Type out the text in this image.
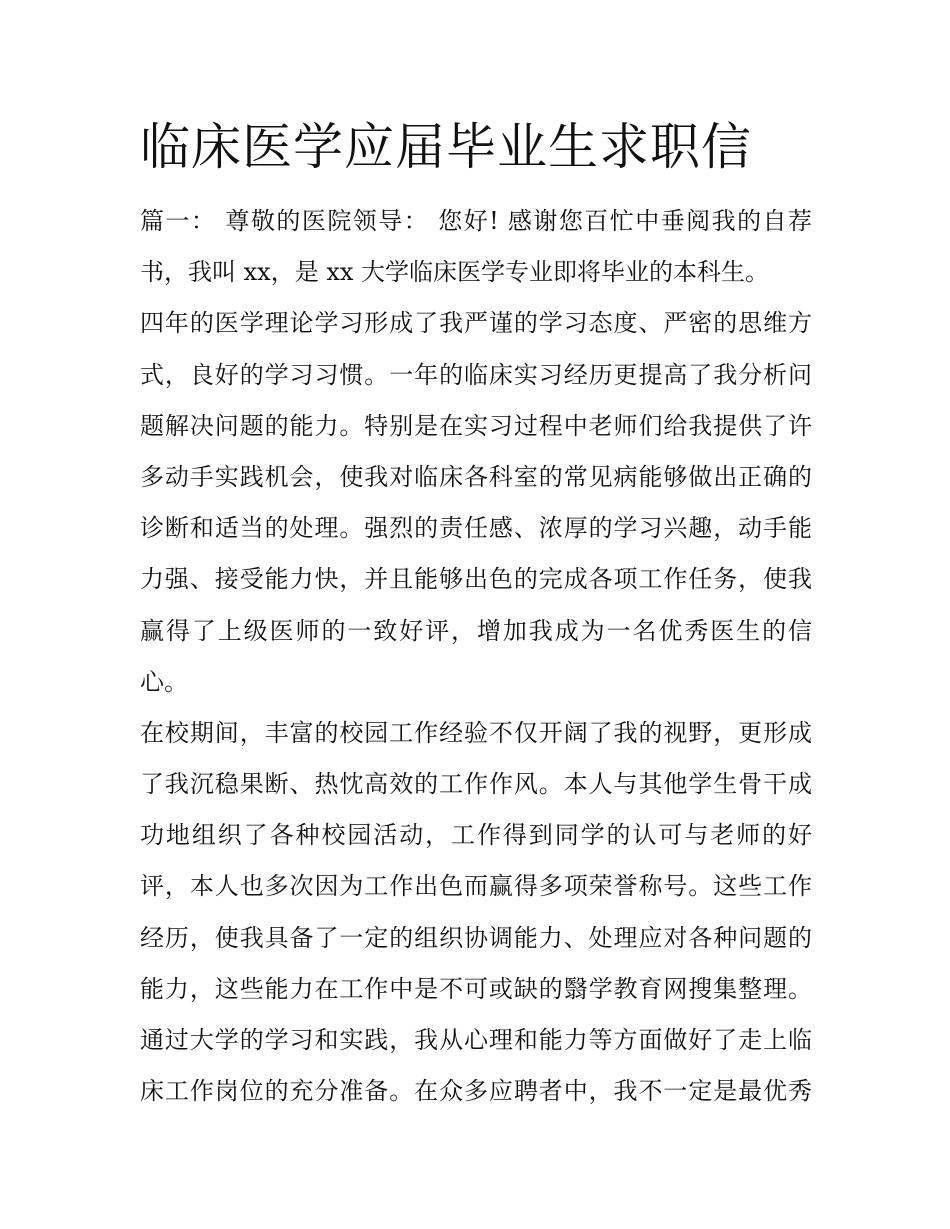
临床医学应届毕业生求职信
篇一： 尊敬的医院领导： 您好! 感谢您百忙中垂阅我的自荐
书，我叫 xx，是 xx 大学临床医学专业即将毕业的本科生。
四年的医学理论学习形成了我严谨的学习态度、严密的思维方
式，良好的学习习惯。一年的临床实习经历更提高了我分析问
题解决问题的能力。特别是在实习过程中老师们给我提供了许
多动手实践机会，使我对临床各科室的常见病能够做出正确的
诊断和适当的处理。强烈的责任感、浓厚的学习兴趣，动手能
力强、接受能力快，并且能够出色的完成各项工作任务，使我
赢得了上级医师的一致好评，增加我成为一名优秀医生的信
心。
在校期间，丰富的校园工作经验不仅开阔了我的视野，更形成
了我沉稳果断、热忱高效的工作作风。本人与其他学生骨干成
功地组织了各种校园活动，工作得到同学的认可与老师的好
评，本人也多次因为工作出色而赢得多项荣誉称号。这些工作
经历，使我具备了一定的组织协调能力、处理应对各种问题的
能力，这些能力在工作中是不可或缺的翳学教育网搜集整理。
通过大学的学习和实践，我从心理和能力等方面做好了走上临
床工作岗位的充分准备。在众多应聘者中，我不一定是最优秀
